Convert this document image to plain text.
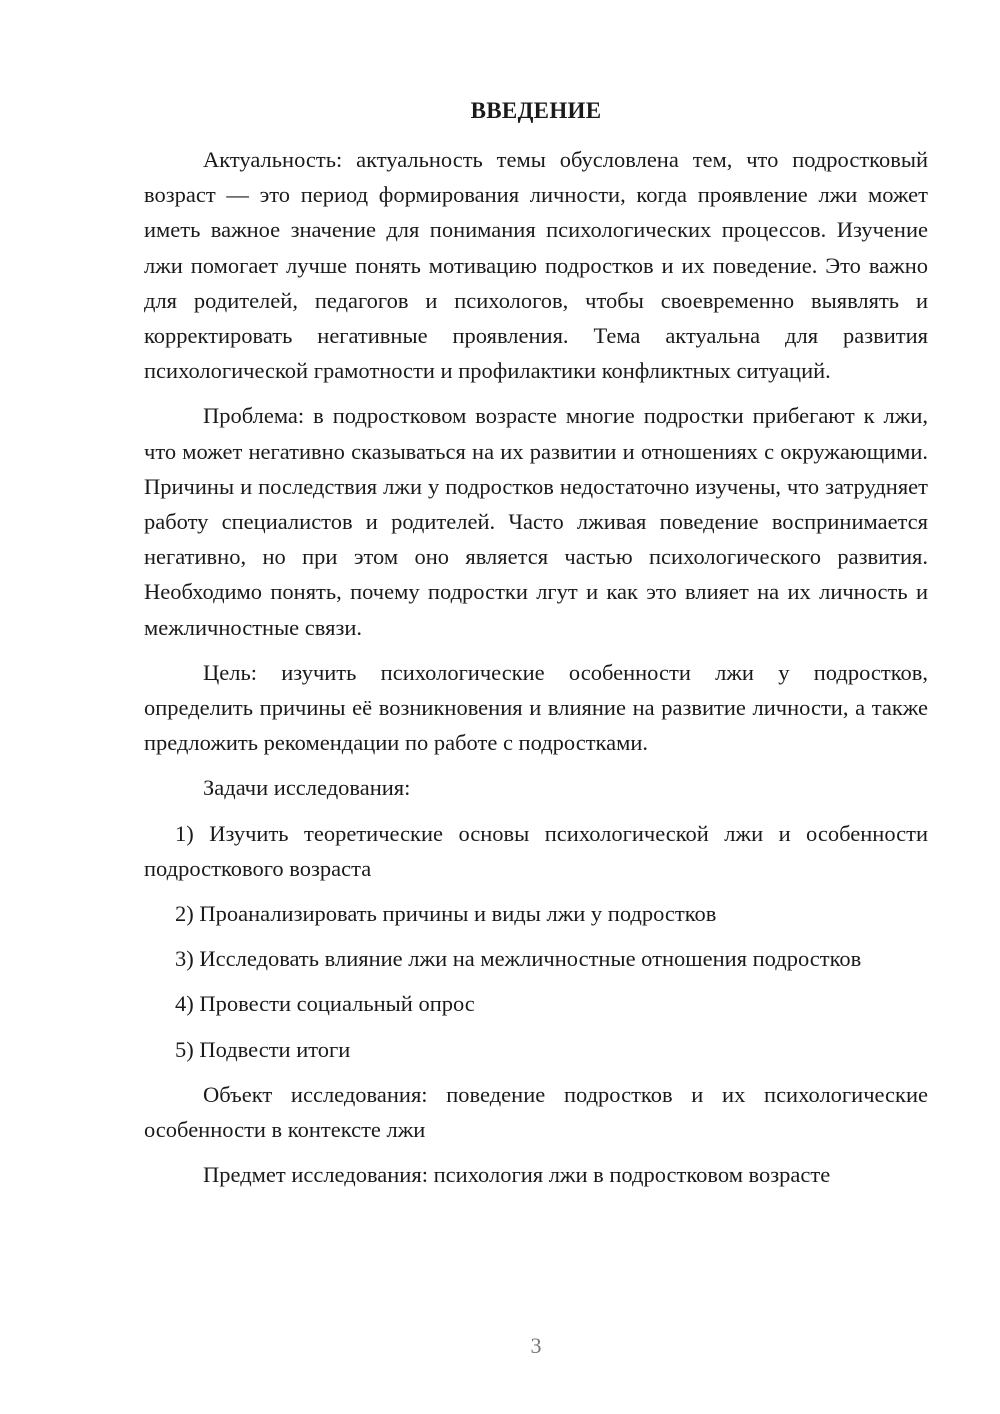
ВВЕДЕНИЕ

Актуальность: актуальность темы обусловлена тем, что подростковый возраст — это период формирования личности, когда проявление лжи может иметь важное значение для понимания психологических процессов. Изучение лжи помогает лучше понять мотивацию подростков и их поведение. Это важно для родителей, педагогов и психологов, чтобы своевременно выявлять и корректировать негативные проявления. Тема актуальна для развития психологической грамотности и профилактики конфликтных ситуаций.

Проблема: в подростковом возрасте многие подростки прибегают к лжи, что может негативно сказываться на их развитии и отношениях с окружающими. Причины и последствия лжи у подростков недостаточно изучены, что затрудняет работу специалистов и родителей. Часто лживая поведение воспринимается негативно, но при этом оно является частью психологического развития. Необходимо понять, почему подростки лгут и как это влияет на их личность и межличностные связи.

Цель: изучить психологические особенности лжи у подростков, определить причины её возникновения и влияние на развитие личности, а также предложить рекомендации по работе с подростками.

Задачи исследования:

1) Изучить теоретические основы психологической лжи и особенности подросткового возраста

2) Проанализировать причины и виды лжи у подростков

3) Исследовать влияние лжи на межличностные отношения подростков

4) Провести социальный опрос

5) Подвести итоги

Объект исследования: поведение подростков и их психологические особенности в контексте лжи

Предмет исследования: психология лжи в подростковом возрасте

3
